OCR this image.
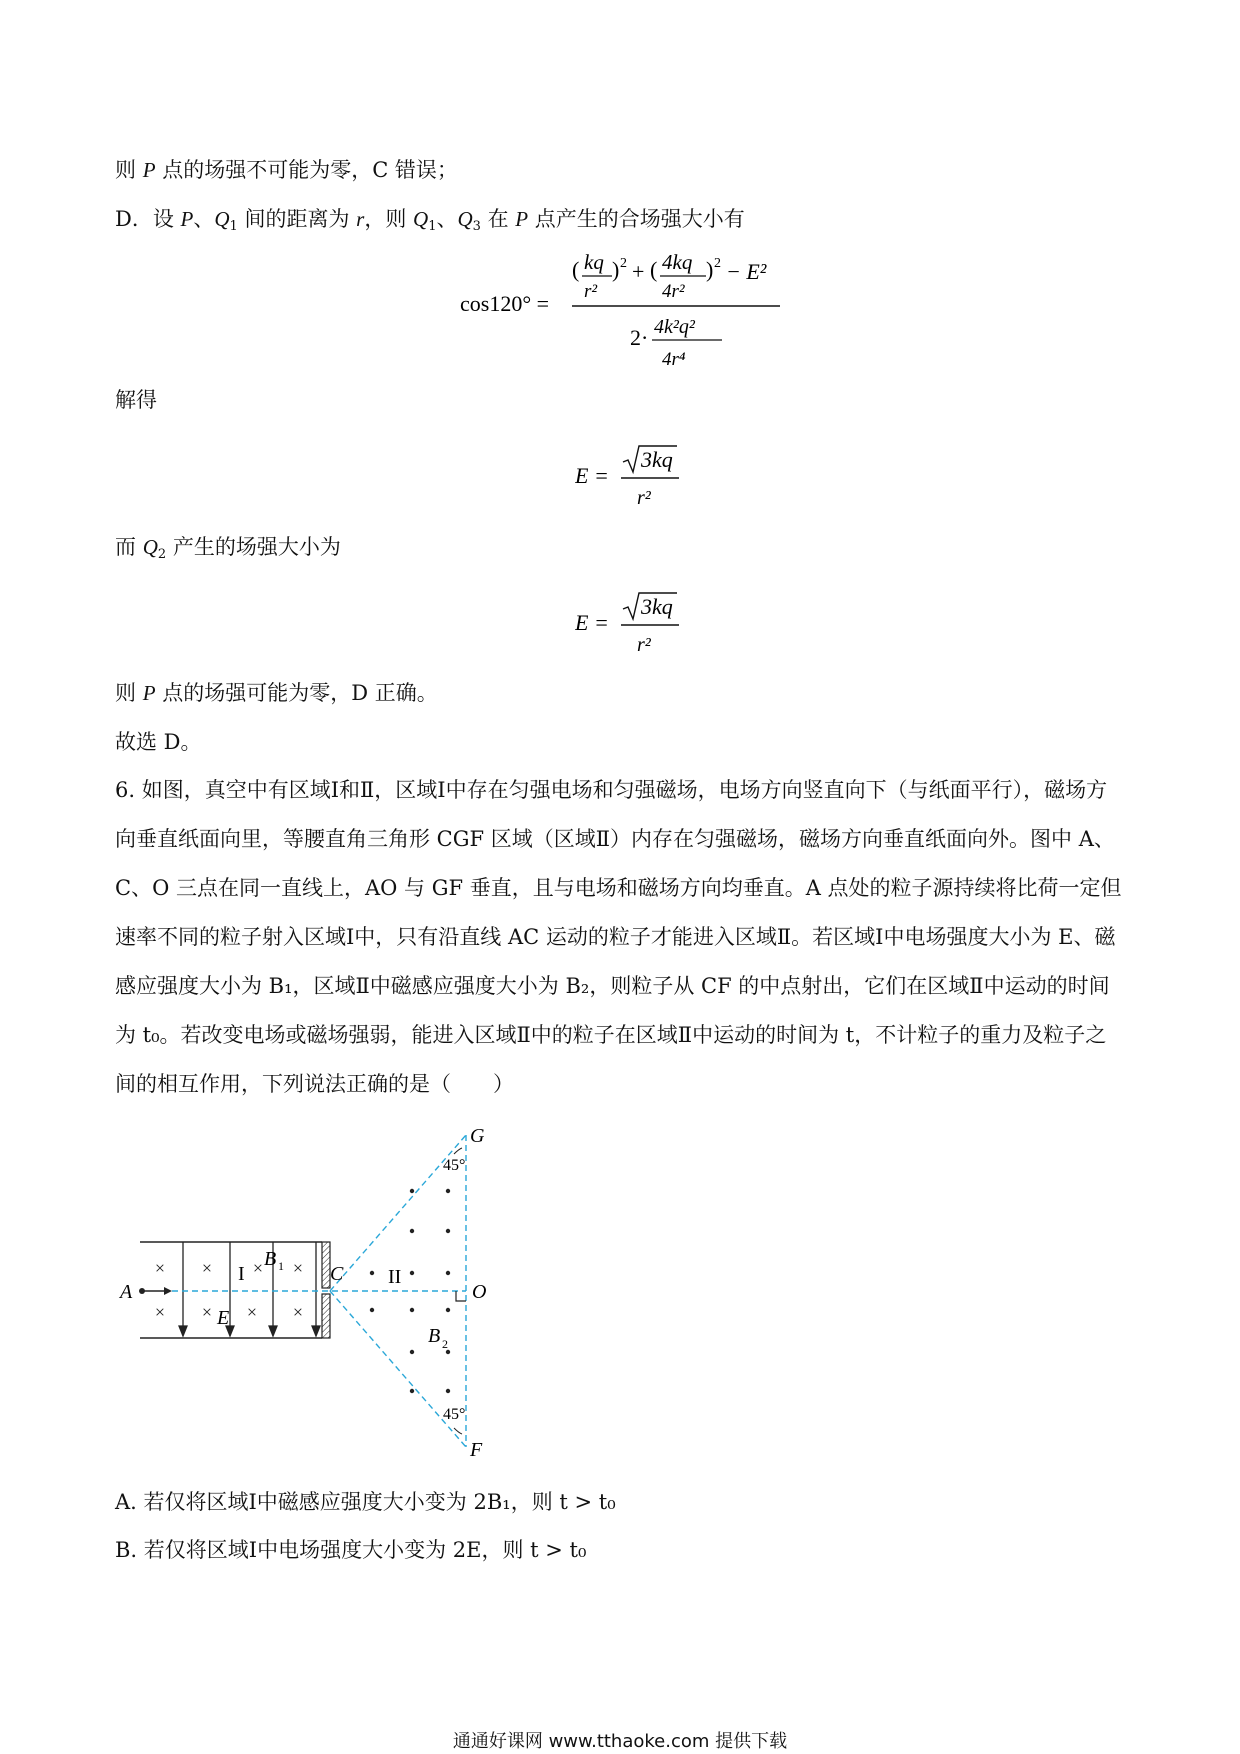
则 P 点的场强不可能为零，C 错误；
D．设 P、$Q_1$ 间的距离为 r，则 $Q_1$、$Q_3$ 在 P 点产生的合场强大小有
cos120° =
( kq
r²
) 2 + ( 4kq
4r²
) 2 − E²
2· 4k²q²
4r⁴
解得
E =
3kq
r²
而 $Q_2$ 产生的场强大小为
E =
3kq
r²
则 P 点的场强可能为零，D 正确。
故选 D。
6. 如图，真空中有区域Ⅰ和Ⅱ，区域Ⅰ中存在匀强电场和匀强磁场，电场方向竖直向下（与纸面平行），磁场方向垂直纸面向里，等腰直角三角形 CGF 区域（区域Ⅱ）内存在匀强磁场，磁场方向垂直纸面向外。图中 A、C、O 三点在同一直线上，AO 与 GF 垂直，且与电场和磁场方向均垂直。A 点处的粒子源持续将比荷一定但速率不同的粒子射入区域Ⅰ中，只有沿直线 AC 运动的粒子才能进入区域Ⅱ。若区域Ⅰ中电场强度大小为 E、磁感应强度大小为 B₁，区域Ⅱ中磁感应强度大小为 B₂，则粒子从 CF 的中点射出，它们在区域Ⅱ中运动的时间为 t₀。若改变电场或磁场强弱，能进入区域Ⅱ中的粒子在区域Ⅱ中运动的时间为 t，不计粒子的重力及粒子之间的相互作用，下列说法正确的是（　　）
× ×	×
× × × ×
×
I
B 1
E
A
C II
O
G
F
B 2
45°
45°
A. 若仅将区域Ⅰ中磁感应强度大小变为 2B₁，则 t > t₀
B. 若仅将区域Ⅰ中电场强度大小变为 2E，则 t > t₀
通通好课网 www.tthaoke.com 提供下载
